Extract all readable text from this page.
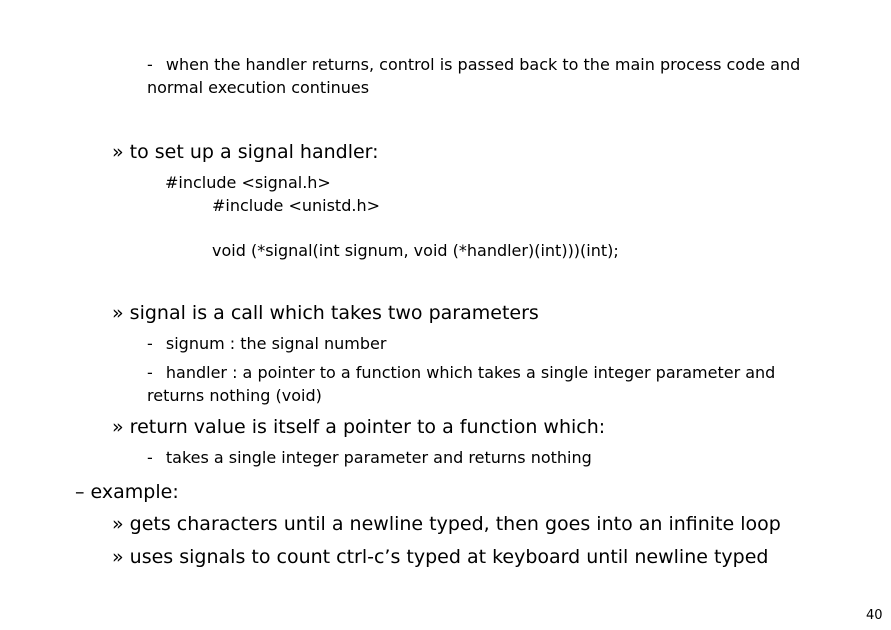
- when the handler returns, control is passed back to the main process code and
normal execution continues
» to set up a signal handler:
#include <signal.h>
#include <unistd.h>
void (*signal(int signum, void (*handler)(int)))(int);
» signal is a call which takes two parameters
- signum : the signal number
- handler : a pointer to a function which takes a single integer parameter and
returns nothing (void)
» return value is itself a pointer to a function which:
- takes a single integer parameter and returns nothing
– example:
» gets characters until a newline typed, then goes into an infinite loop
» uses signals to count ctrl-c’s typed at keyboard until newline typed
40
